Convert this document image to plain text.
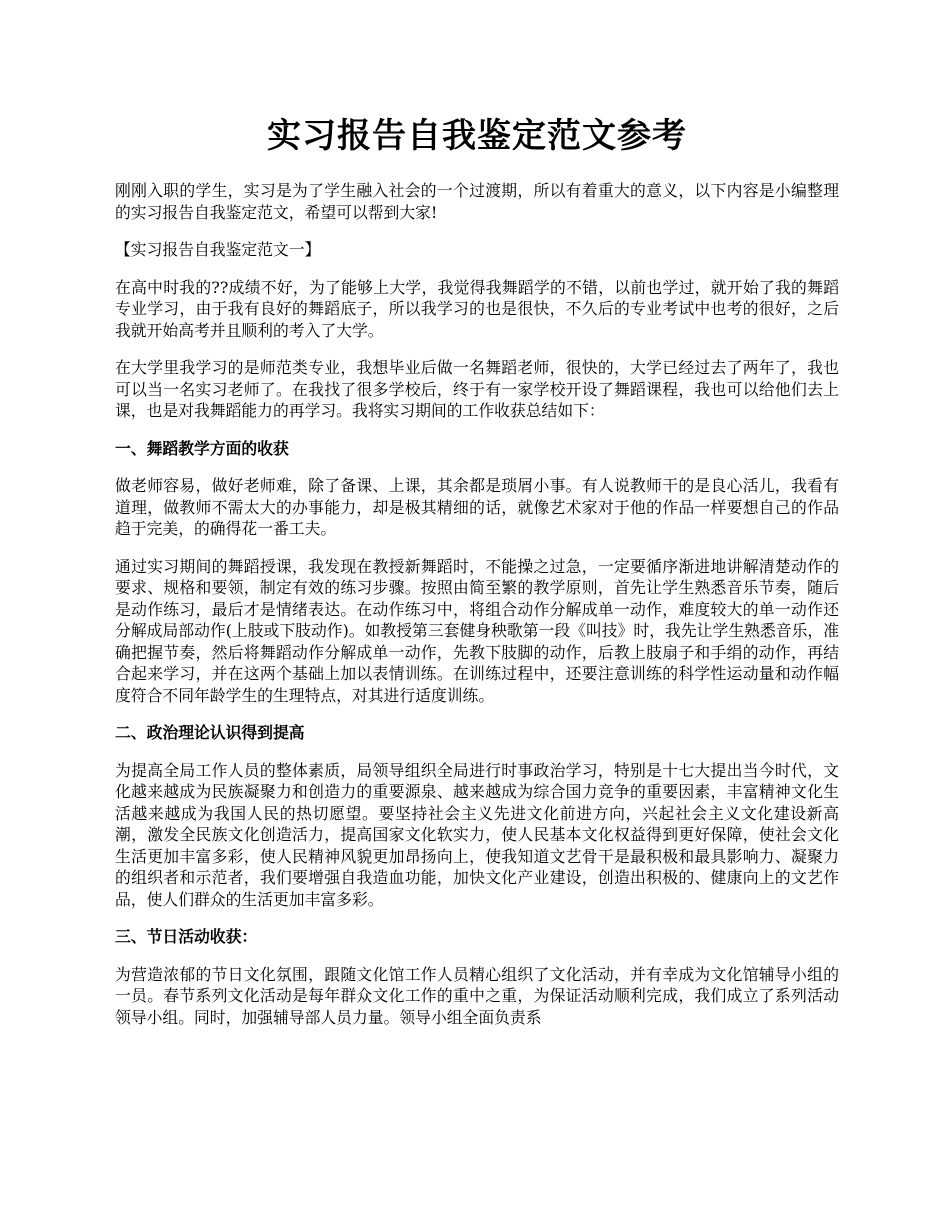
实习报告自我鉴定范文参考

刚刚入职的学生，实习是为了学生融入社会的一个过渡期，所以有着重大的意义，以下内容是小编整理的实习报告自我鉴定范文，希望可以帮到大家!

【实习报告自我鉴定范文一】

在高中时我的??成绩不好，为了能够上大学，我觉得我舞蹈学的不错，以前也学过，就开始了我的舞蹈专业学习，由于我有良好的舞蹈底子，所以我学习的也是很快，不久后的专业考试中也考的很好，之后我就开始高考并且顺利的考入了大学。

在大学里我学习的是师范类专业，我想毕业后做一名舞蹈老师，很快的，大学已经过去了两年了，我也可以当一名实习老师了。在我找了很多学校后，终于有一家学校开设了舞蹈课程，我也可以给他们去上课，也是对我舞蹈能力的再学习。我将实习期间的工作收获总结如下：

一、舞蹈教学方面的收获

做老师容易，做好老师难，除了备课、上课，其余都是琐屑小事。有人说教师干的是良心活儿，我看有道理，做教师不需太大的办事能力，却是极其精细的话，就像艺术家对于他的作品一样要想自己的作品趋于完美，的确得花一番工夫。

通过实习期间的舞蹈授课，我发现在教授新舞蹈时，不能操之过急，一定要循序渐进地讲解清楚动作的要求、规格和要领，制定有效的练习步骤。按照由简至繁的教学原则，首先让学生熟悉音乐节奏，随后是动作练习，最后才是情绪表达。在动作练习中，将组合动作分解成单一动作，难度较大的单一动作还分解成局部动作(上肢或下肢动作)。如教授第三套健身秧歌第一段《叫技》时，我先让学生熟悉音乐，准确把握节奏，然后将舞蹈动作分解成单一动作，先教下肢脚的动作，后教上肢扇子和手绢的动作，再结合起来学习，并在这两个基础上加以表情训练。在训练过程中，还要注意训练的科学性运动量和动作幅度符合不同年龄学生的生理特点，对其进行适度训练。

二、政治理论认识得到提高

为提高全局工作人员的整体素质，局领导组织全局进行时事政治学习，特别是十七大提出当今时代，文化越来越成为民族凝聚力和创造力的重要源泉、越来越成为综合国力竞争的重要因素，丰富精神文化生活越来越成为我国人民的热切愿望。要坚持社会主义先进文化前进方向，兴起社会主义文化建设新高潮，激发全民族文化创造活力，提高国家文化软实力，使人民基本文化权益得到更好保障，使社会文化生活更加丰富多彩，使人民精神风貌更加昂扬向上，使我知道文艺骨干是最积极和最具影响力、凝聚力的组织者和示范者，我们要增强自我造血功能，加快文化产业建设，创造出积极的、健康向上的文艺作品，使人们群众的生活更加丰富多彩。

三、节日活动收获：

为营造浓郁的节日文化氛围，跟随文化馆工作人员精心组织了文化活动，并有幸成为文化馆辅导小组的一员。春节系列文化活动是每年群众文化工作的重中之重，为保证活动顺利完成，我们成立了系列活动领导小组。同时，加强辅导部人员力量。领导小组全面负责系
